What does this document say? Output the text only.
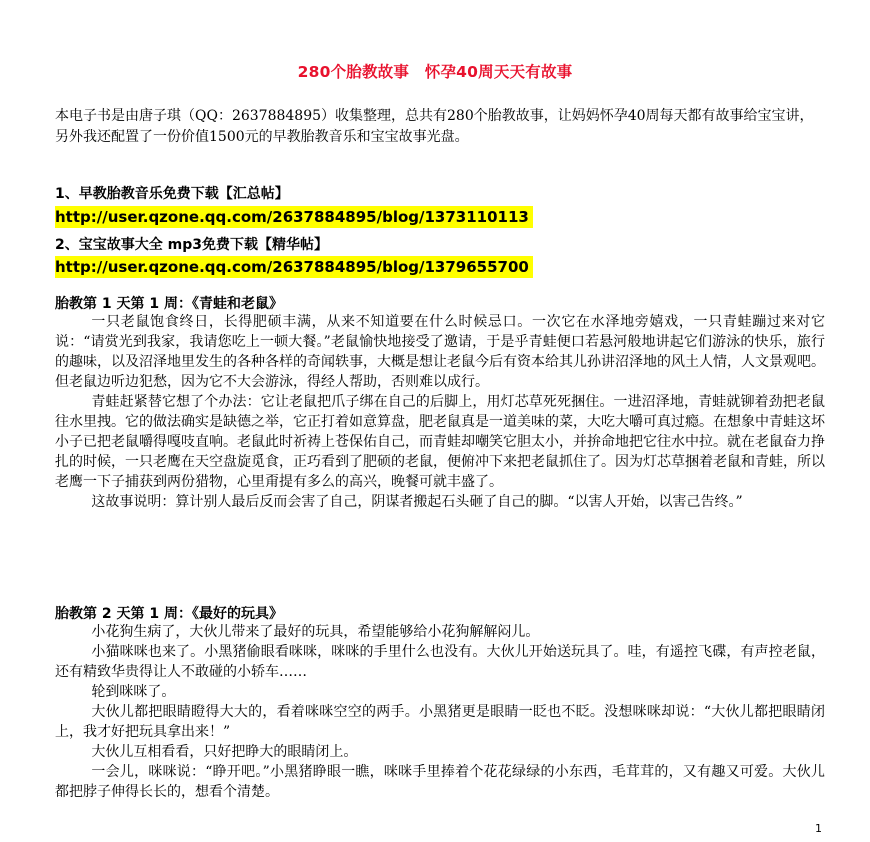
280个胎教故事　怀孕40周天天有故事
本电子书是由唐子琪（QQ：2637884895）收集整理，总共有280个胎教故事，让妈妈怀孕40周每天都有故事给宝宝讲，另外我还配置了一份价值1500元的早教胎教音乐和宝宝故事光盘。
1、早教胎教音乐免费下载【汇总帖】
http://user.qzone.qq.com/2637884895/blog/1373110113
2、宝宝故事大全 mp3免费下载【精华帖】
http://user.qzone.qq.com/2637884895/blog/1379655700
胎教第 1 天第 1 周：《青蛙和老鼠》

一只老鼠饱食终日，长得肥硕丰满，从来不知道要在什么时候忌口。一次它在水泽地旁嬉戏，一只青蛙蹦过来对它说：“请赏光到我家，我请您吃上一顿大餐。”老鼠愉快地接受了邀请，于是乎青蛙便口若悬河般地讲起它们游泳的快乐，旅行的趣味，以及沼泽地里发生的各种各样的奇闻轶事，大概是想让老鼠今后有资本给其儿孙讲沼泽地的风土人情，人文景观吧。但老鼠边听边犯愁，因为它不大会游泳，得经人帮助，否则难以成行。

青蛙赶紧替它想了个办法：它让老鼠把爪子绑在自己的后脚上，用灯芯草死死捆住。一进沼泽地，青蛙就铆着劲把老鼠往水里拽。它的做法确实是缺德之举，它正打着如意算盘，肥老鼠真是一道美味的菜，大吃大嚼可真过瘾。在想象中青蛙这坏小子已把老鼠嚼得嘎吱直响。老鼠此时祈祷上苍保佑自己，而青蛙却嘲笑它胆太小，并拚命地把它往水中拉。就在老鼠奋力挣扎的时候，一只老鹰在天空盘旋觅食，正巧看到了肥硕的老鼠，便俯冲下来把老鼠抓住了。因为灯芯草捆着老鼠和青蛙，所以老鹰一下子捕获到两份猎物，心里甭提有多么的高兴，晚餐可就丰盛了。

这故事说明：算计别人最后反而会害了自己，阴谋者搬起石头砸了自己的脚。“以害人开始，以害己告终。”

胎教第 2 天第 1 周：《最好的玩具》

小花狗生病了，大伙儿带来了最好的玩具，希望能够给小花狗解解闷儿。

小猫咪咪也来了。小黑猪偷眼看咪咪，咪咪的手里什么也没有。大伙儿开始送玩具了。哇，有遥控飞碟，有声控老鼠，还有精致华贵得让人不敢碰的小轿车……

轮到咪咪了。

大伙儿都把眼睛瞪得大大的，看着咪咪空空的两手。小黑猪更是眼睛一眨也不眨。没想咪咪却说：“大伙儿都把眼睛闭上，我才好把玩具拿出来！”

大伙儿互相看看，只好把睁大的眼睛闭上。

一会儿，咪咪说：“睁开吧。”小黑猪睁眼一瞧，咪咪手里捧着个花花绿绿的小东西，毛茸茸的，又有趣又可爱。大伙儿都把脖子伸得长长的，想看个清楚。

1
